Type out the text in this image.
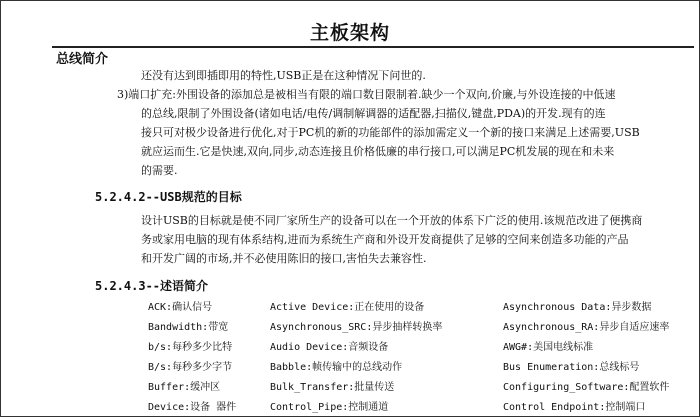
主板架构
总线简介
还没有达到即插即用的特性,USB正是在这种情况下问世的.
3)端口扩充:外围设备的添加总是被相当有限的端口数目限制着.缺少一个双向,价廉,与外设连接的中低速
的总线,限制了外围设备(诸如电话/电传/调制解调器的适配器,扫描仪,键盘,PDA)的开发.现有的连
接只可对极少设备进行优化,对于PC机的新的功能部件的添加需定义一个新的接口来满足上述需要,USB
就应运而生.它是快速,双向,同步,动态连接且价格低廉的串行接口,可以满足PC机发展的现在和未来
的需要.
5.2.4.2--USB规范的目标
设计USB的目标就是使不同厂家所生产的设备可以在一个开放的体系下广泛的使用.该规范改进了便携商
务或家用电脑的现有体系结构,进而为系统生产商和外设开发商提供了足够的空间来创造多功能的产品
和开发广阔的市场,并不必使用陈旧的接口,害怕失去兼容性.
5.2.4.3--述语简介
ACK:确认信号	Active Device:正在使用的设备	Asynchronous Data:异步数据
Bandwidth:带宽	Asynchronous_SRC:异步抽样转换率	Asynchronous_RA:异步自适应速率
b/s:每秒多少比特	Audio Device:音频设备	AWG#:美国电线标准
B/s:每秒多少字节	Babble:帧传输中的总线动作	Bus Enumeration:总线标号
Buffer:缓冲区	Bulk_Transfer:批量传送	Configuring_Software:配置软件
Device:设备 器件	Control_Pipe:控制通道	Control Endpoint:控制端口
